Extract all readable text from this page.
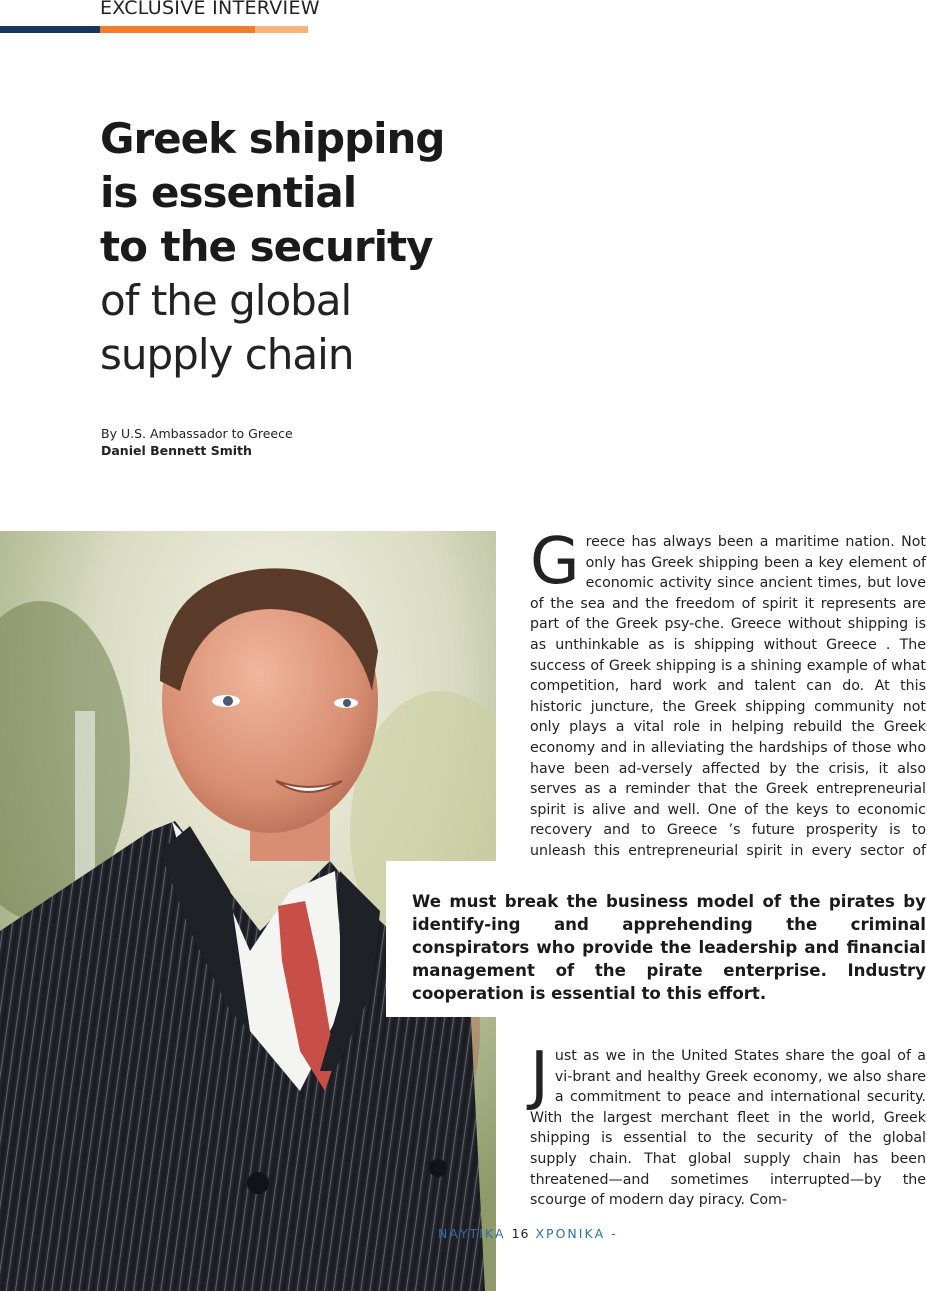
EXCLUSIVE INTERVIEW
Greek shipping
is essential
to the security
of the global
supply chain
By U.S. Ambassador to Greece
Daniel Bennett Smith
G reece has always been a maritime nation. Not only has Greek shipping been a key element of economic activity since ancient times, but love of the sea and the freedom of spirit it represents are part of the Greek psy-che. Greece without shipping is as unthinkable as is shipping without Greece . The success of Greek shipping is a shining example of what competition, hard work and talent can do. At this historic juncture, the Greek shipping community not only plays a vital role in helping rebuild the Greek economy and in alleviating the hardships of those who have been ad-versely affected by the crisis, it also serves as a reminder that the Greek entrepreneurial spirit is alive and well. One of the keys to economic recovery and to Greece ’s future prosperity is to unleash this entrepreneurial spirit in every sector of
We must break the business model of the pirates by identify-ing and apprehending the criminal conspirators who provide the leadership and financial management of the pirate enterprise. Industry cooperation is essential to this effort.
J ust as we in the United States share the goal of a vi-brant and healthy Greek economy, we also share a commitment to peace and international security. With the largest merchant fleet in the world, Greek shipping is essential to the security of the global supply chain. That global supply chain has been threatened—and sometimes interrupted—by the scourge of modern day piracy. Com-
ΝΑΥΤΙΚΑ 16 ΧΡΟΝΙΚΑ -
